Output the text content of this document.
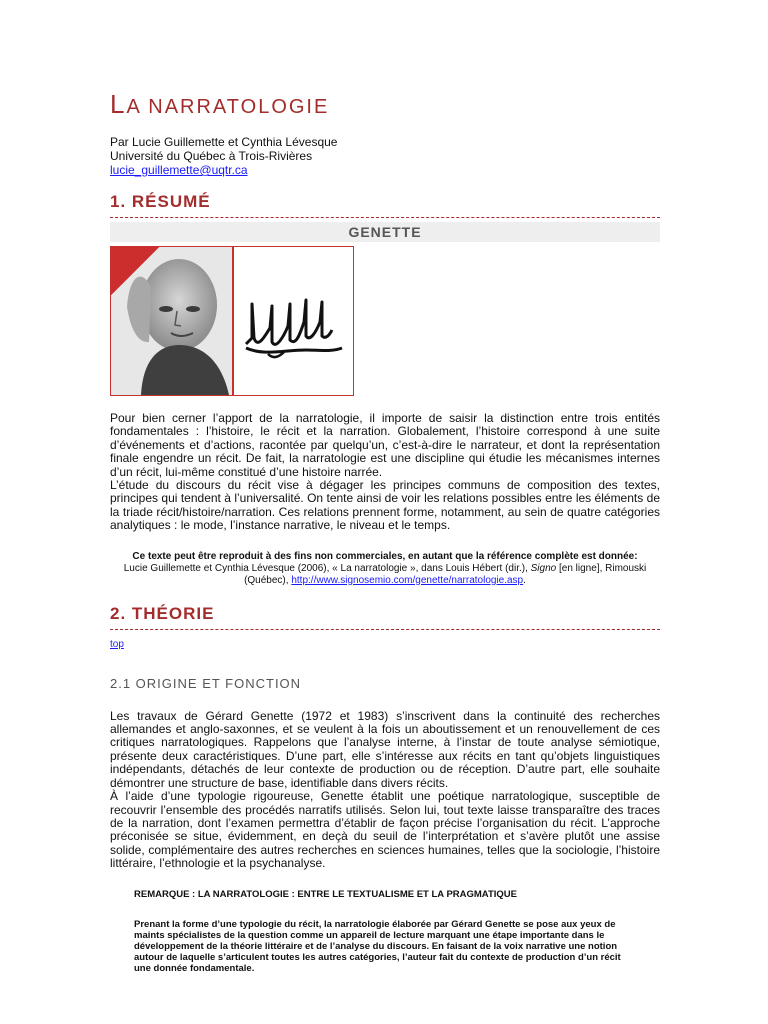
LA NARRATOLOGIE
Par Lucie Guillemette et Cynthia Lévesque
Université du Québec à Trois-Rivières
lucie_guillemette@uqtr.ca
1. RÉSUMÉ
GENETTE

Pour bien cerner l’apport de la narratologie, il importe de saisir la distinction entre trois entités fondamentales : l’histoire, le récit et la narration. Globalement, l’histoire correspond à une suite d’événements et d’actions, racontée par quelqu’un, c’est-à-dire le narrateur, et dont la représentation finale engendre un récit. De fait, la narratologie est une discipline qui étudie les mécanismes internes d’un récit, lui-même constitué d’une histoire narrée.

L’étude du discours du récit vise à dégager les principes communs de composition des textes, principes qui tendent à l’universalité. On tente ainsi de voir les relations possibles entre les éléments de la triade récit/histoire/narration. Ces relations prennent forme, notamment, au sein de quatre catégories analytiques : le mode, l’instance narrative, le niveau et le temps.

Ce texte peut être reproduit à des fins non commerciales, en autant que la référence complète est donnée:
Lucie Guillemette et Cynthia Lévesque (2006), « La narratologie », dans Louis Hébert (dir.), Signo [en ligne], Rimouski
(Québec), http://www.signosemio.com/genette/narratologie.asp.
2. THÉORIE
top
2.1 ORIGINE ET FONCTION

Les travaux de Gérard Genette (1972 et 1983) s’inscrivent dans la continuité des recherches allemandes et anglo-saxonnes, et se veulent à la fois un aboutissement et un renouvellement de ces critiques narratologiques. Rappelons que l’analyse interne, à l’instar de toute analyse sémiotique, présente deux caractéristiques. D’une part, elle s’intéresse aux récits en tant qu’objets linguistiques indépendants, détachés de leur contexte de production ou de réception. D’autre part, elle souhaite démontrer une structure de base, identifiable dans divers récits.

À l’aide d’une typologie rigoureuse, Genette établit une poétique narratologique, susceptible de recouvrir l’ensemble des procédés narratifs utilisés. Selon lui, tout texte laisse transparaître des traces de la narration, dont l’examen permettra d’établir de façon précise l’organisation du récit. L’approche préconisée se situe, évidemment, en deçà du seuil de l’interprétation et s’avère plutôt une assise solide, complémentaire des autres recherches en sciences humaines, telles que la sociologie, l’histoire littéraire, l’ethnologie et la psychanalyse.

REMARQUE : LA NARRATOLOGIE : ENTRE LE TEXTUALISME ET LA PRAGMATIQUE

Prenant la forme d’une typologie du récit, la narratologie élaborée par Gérard Genette se pose aux yeux de maints spécialistes de la question comme un appareil de lecture marquant une étape importante dans le développement de la théorie littéraire et de l’analyse du discours. En faisant de la voix narrative une notion autour de laquelle s’articulent toutes les autres catégories, l’auteur fait du contexte de production d’un récit une donnée fondamentale.
